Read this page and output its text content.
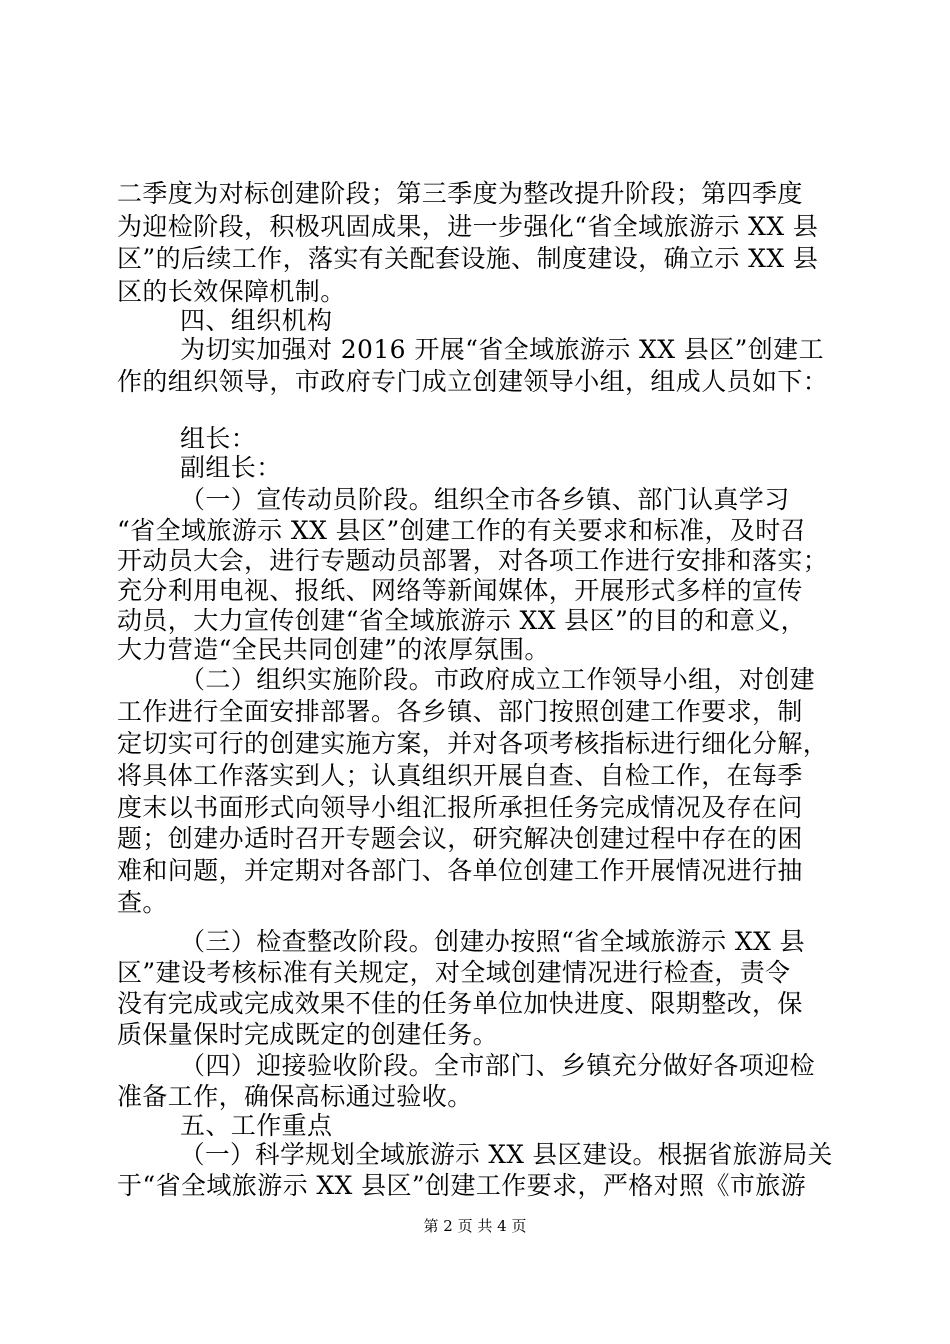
二季度为对标创建阶段；第三季度为整改提升阶段；第四季度
为迎检阶段，积极巩固成果，进一步强化“省全域旅游示 XX 县
区”的后续工作，落实有关配套设施、制度建设，确立示 XX 县
区的长效保障机制。
四、组织机构
为切实加强对 2016 开展“省全域旅游示 XX 县区”创建工
作的组织领导，市政府专门成立创建领导小组，组成人员如下：
组长：
副组长：
（一）宣传动员阶段。组织全市各乡镇、部门认真学习
“省全域旅游示 XX 县区”创建工作的有关要求和标准，及时召
开动员大会，进行专题动员部署，对各项工作进行安排和落实；
充分利用电视、报纸、网络等新闻媒体，开展形式多样的宣传
动员，大力宣传创建“省全域旅游示 XX 县区”的目的和意义，
大力营造“全民共同创建”的浓厚氛围。
（二）组织实施阶段。市政府成立工作领导小组，对创建
工作进行全面安排部署。各乡镇、部门按照创建工作要求，制
定切实可行的创建实施方案，并对各项考核指标进行细化分解，
将具体工作落实到人；认真组织开展自查、自检工作，在每季
度末以书面形式向领导小组汇报所承担任务完成情况及存在问
题；创建办适时召开专题会议，研究解决创建过程中存在的困
难和问题，并定期对各部门、各单位创建工作开展情况进行抽
查。
（三）检查整改阶段。创建办按照“省全域旅游示 XX 县
区”建设考核标准有关规定，对全域创建情况进行检查，责令
没有完成或完成效果不佳的任务单位加快进度、限期整改，保
质保量保时完成既定的创建任务。
（四）迎接验收阶段。全市部门、乡镇充分做好各项迎检
准备工作，确保高标通过验收。
五、工作重点
（一）科学规划全域旅游示 XX 县区建设。根据省旅游局关
于“省全域旅游示 XX 县区”创建工作要求，严格对照《市旅游
第 2 页 共 4 页
